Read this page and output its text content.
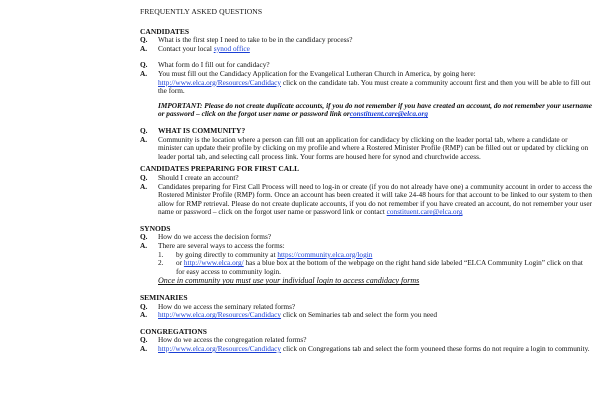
FREQUENTLY ASKED QUESTIONS
CANDIDATES
Q.	What is the first step I need to take to be in the candidacy process?
A.	Contact your local synod office
Q.	What form do I fill out for candidacy?
A.	You must fill out the Candidacy Application for the Evangelical Lutheran Church in America, by going here: http://www.elca.org/Resources/Candidacy click on the candidate tab. You must create a community account first and then you will be able to fill out the form.
IMPORTANT: Please do not create duplicate accounts, if you do not remember if you have created an account, do not remember your username or password – click on the forgot user name or password link orconstituent.care@elca.org
Q.	WHAT IS COMMUNITY?
A.	Community is the location where a person can fill out an application for candidacy by clicking on the leader portal tab, where a candidate or minister can update their profile by clicking on my profile and where a Rostered Minister Profile (RMP) can be filled out or updated by clicking on leader portal tab, and selecting call process link. Your forms are housed here for synod and churchwide access.
CANDIDATES PREPARING FOR FIRST CALL
Q.	Should I create an account?
A.	Candidates preparing for First Call Process will need to log-in or create (if you do not already have one) a community account in order to access the Rostered Minister Profile (RMP) form. Once an account has been created it will take 24-48 hours for that account to be linked to our system to then allow for RMP retrieval. Please do not create duplicate accounts, if you do not remember if you have created an account, do not remember your user name or password – click on the forgot user name or password link or contact constituent.care@elca.org
SYNODS
Q.	How do we access the decision forms?
A.	There are several ways to access the forms:
1.	by going directly to community at https://community.elca.org/login
2.	or http://www.elca.org/ has a blue box at the bottom of the webpage on the right hand side labeled “ELCA Community Login” click on that for easy access to community login.
Once in community you must use your individual login to access candidacy forms
SEMINARIES
Q.	How do we access the seminary related forms?
A.	http://www.elca.org/Resources/Candidacy click on Seminaries tab and select the form you need
CONGREGATIONS
Q.	How do we access the congregation related forms?
A.	http://www.elca.org/Resources/Candidacy click on Congregations tab and select the form youneed these forms do not require a login to community.
